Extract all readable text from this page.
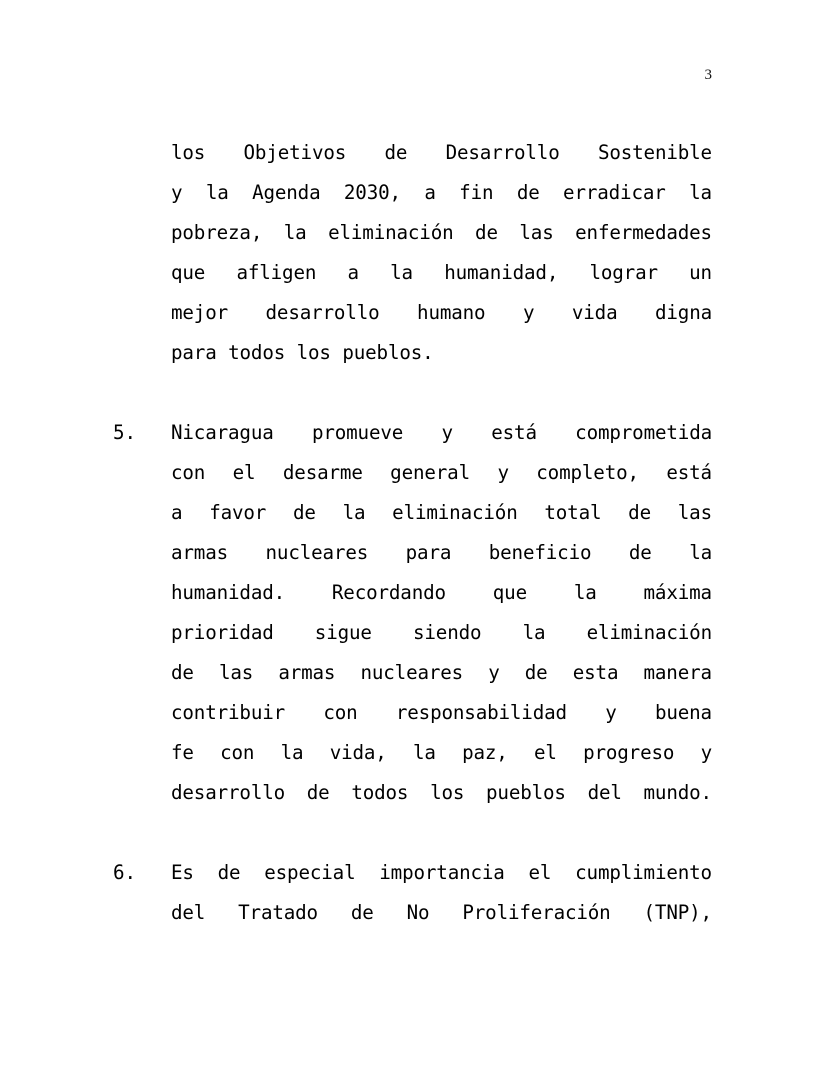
3
los Objetivos de Desarrollo Sostenible
y la Agenda 2030, a fin de erradicar la
pobreza, la eliminación de las enfermedades
que afligen a la humanidad, lograr un
mejor desarrollo humano y vida digna
para todos los pueblos.
5.	Nicaragua promueve y está comprometida
con el desarme general y completo, está
a favor de la eliminación total de las
armas nucleares para beneficio de la
humanidad. Recordando que la máxima
prioridad sigue siendo la eliminación
de las armas nucleares y de esta manera
contribuir con responsabilidad y buena
fe con la vida, la paz, el progreso y
desarrollo de todos los pueblos del mundo.
6.	Es de especial importancia el cumplimiento
del Tratado de No Proliferación (TNP),
